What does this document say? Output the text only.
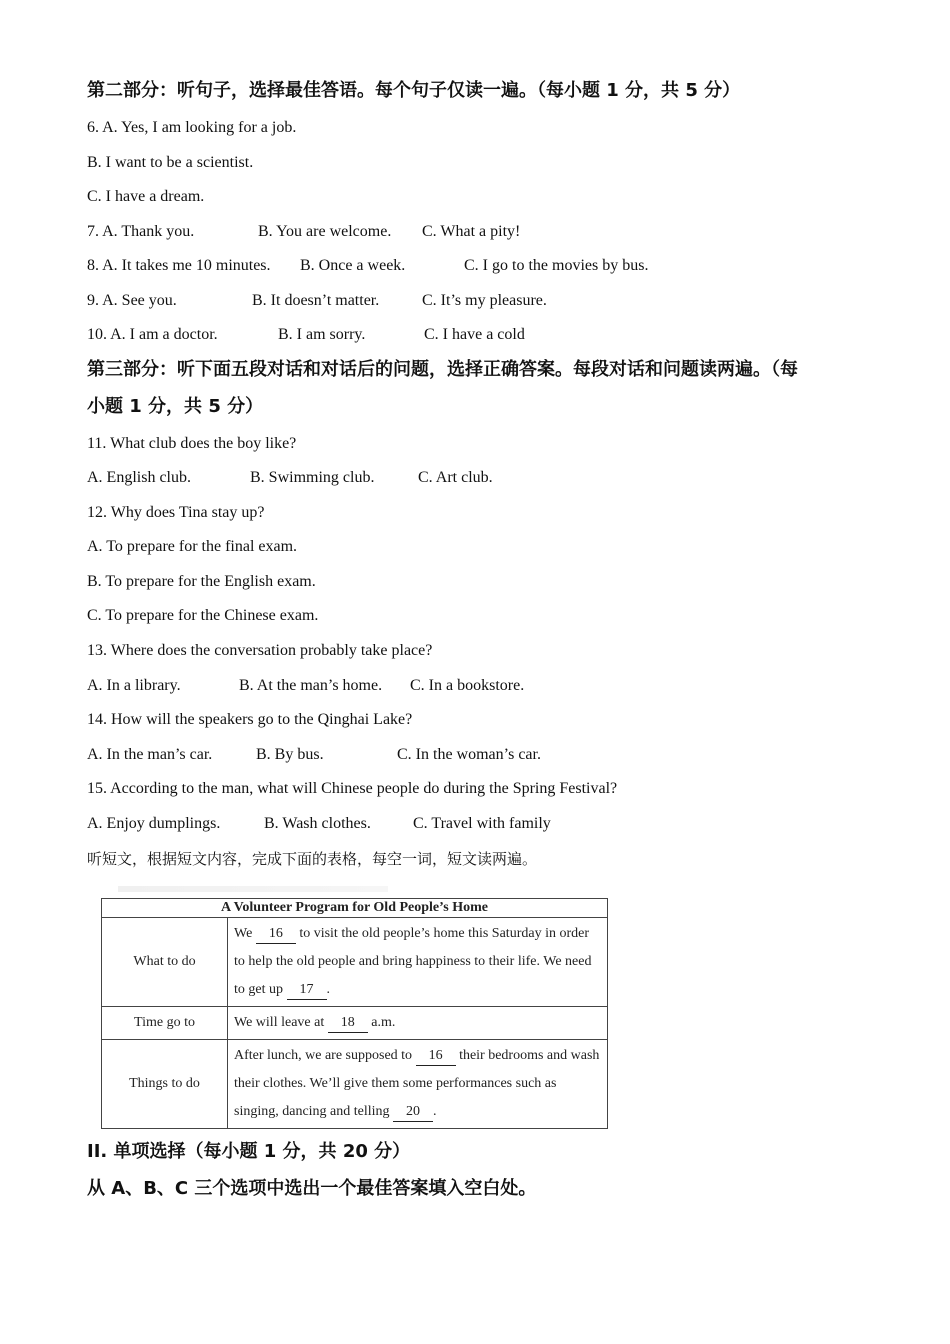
第二部分：听句子，选择最佳答语。每个句子仅读一遍。（每小题 1 分，共 5 分）
6. A. Yes, I am looking for a job.
B. I want to be a scientist.
C. I have a dream.
7. A. Thank you.	B. You are welcome. C. What a pity!
8. A. It takes me 10 minutes. B. Once a week.	C. I go to the movies by bus.
9. A. See you.	B. It doesn’t matter.	C. It’s my pleasure.
10. A. I am a doctor.	B. I am sorry.	C. I have a cold
第三部分：听下面五段对话和对话后的问题，选择正确答案。每段对话和问题读两遍。（每
小题 1 分，共 5 分）
11. What club does the boy like?
A. English club.	B. Swimming club.	C. Art club.
12. Why does Tina stay up?
A. To prepare for the final exam.
B. To prepare for the English exam.
C. To prepare for the Chinese exam.
13. Where does the conversation probably take place?
A. In a library.	B. At the man’s home. C. In a bookstore.
14. How will the speakers go to the Qinghai Lake?
A. In the man’s car.	B. By bus.	C. In the woman’s car.
15. According to the man, what will Chinese people do during the Spring Festival?
A. Enjoy dumplings.	B. Wash clothes.	C. Travel with family
听短文，根据短文内容，完成下面的表格，每空一词，短文读两遍。
A Volunteer Program for Old People’s Home	
What to do	We 16 to visit the old people’s home this Saturday in order to help the old people and bring happiness to their life. We need to get up 17 .
Time go to	We will leave at 18 a.m.
Things to do	After lunch, we are supposed to 16 their bedrooms and wash their clothes. We’ll give them some performances such as singing, dancing and telling 20 .
II. 单项选择（每小题 1 分，共 20 分）
从 A、B、C 三个选项中选出一个最佳答案填入空白处。
